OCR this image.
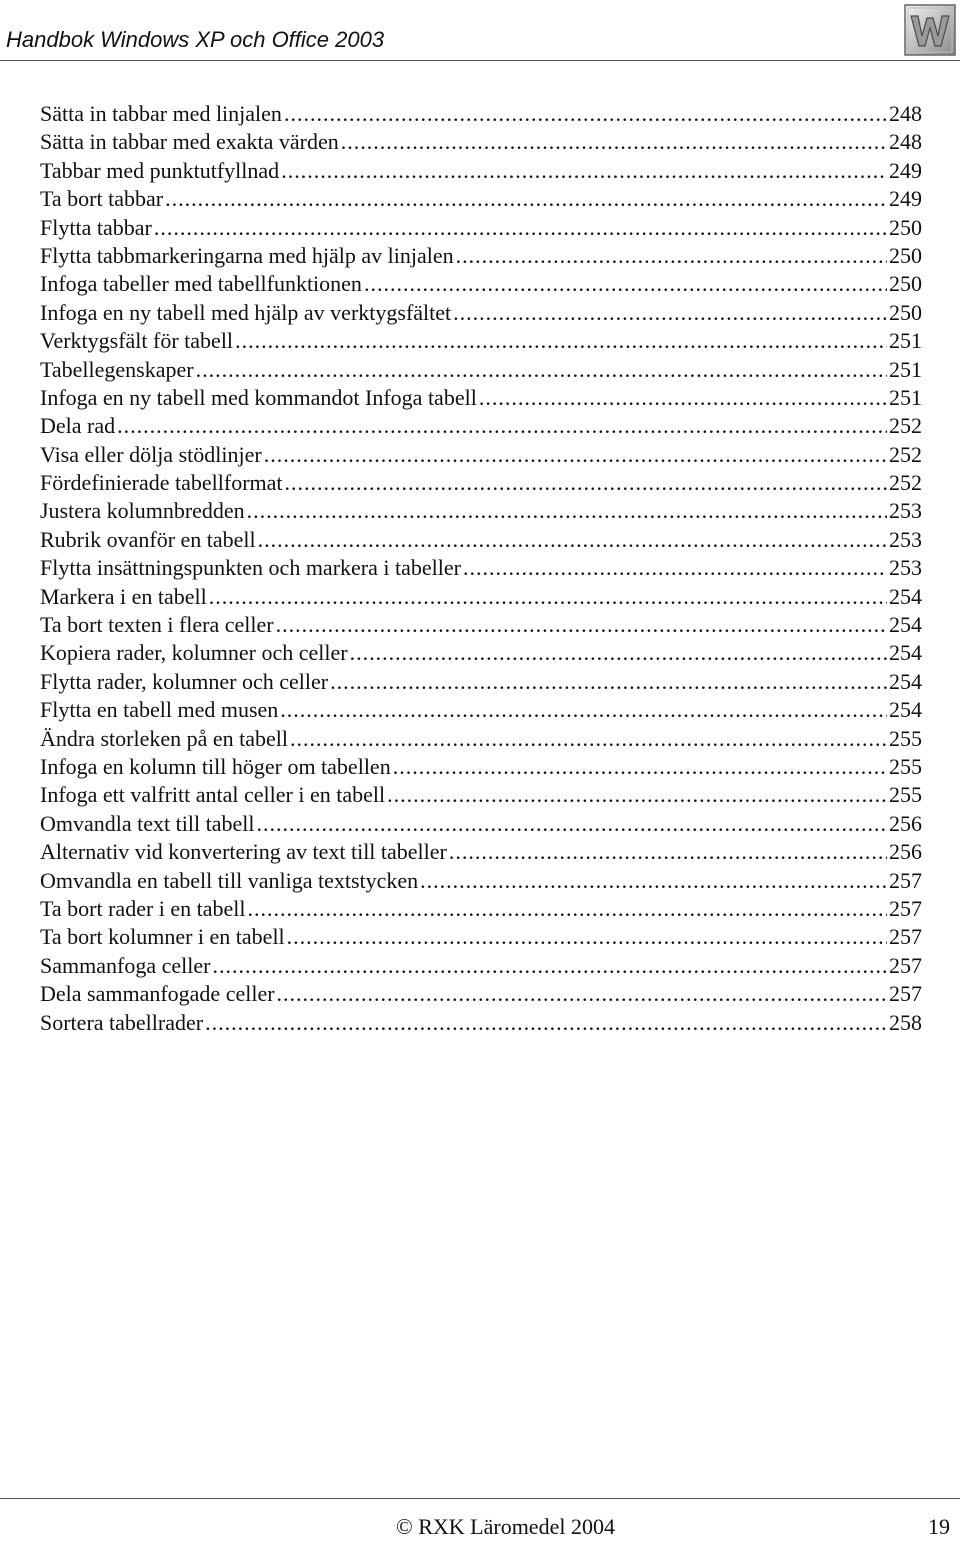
Handbok Windows XP och Office 2003
Sätta in tabbar med linjalen .....	248
Sätta in tabbar med exakta värden .....	248
Tabbar med punktutfyllnad .....	249
Ta bort tabbar .....	249
Flytta tabbar .....	250
Flytta tabbmarkeringarna med hjälp av linjalen .....	250
Infoga tabeller med tabellfunktionen .....	250
Infoga en ny tabell med hjälp av verktygsfältet .....	250
Verktygsfält för tabell .....	251
Tabellegenskaper .....	251
Infoga en ny tabell med kommandot Infoga tabell .....	251
Dela rad .....	252
Visa eller dölja stödlinjer .....	252
Fördefinierade tabellformat .....	252
Justera kolumnbredden .....	253
Rubrik ovanför en tabell .....	253
Flytta insättningspunkten och markera i tabeller .....	253
Markera i en tabell .....	254
Ta bort texten i flera celler .....	254
Kopiera rader, kolumner och celler .....	254
Flytta rader, kolumner och celler .....	254
Flytta en tabell med musen .....	254
Ändra storleken på en tabell .....	255
Infoga en kolumn till höger om tabellen .....	255
Infoga ett valfritt antal celler i en tabell .....	255
Omvandla text till tabell .....	256
Alternativ vid konvertering av text till tabeller .....	256
Omvandla en tabell till vanliga textstycken .....	257
Ta bort rader i en tabell .....	257
Ta bort kolumner i en tabell .....	257
Sammanfoga celler .....	257
Dela sammanfogade celler .....	257
Sortera tabellrader .....	258
© RXK Läromedel 2004	19
